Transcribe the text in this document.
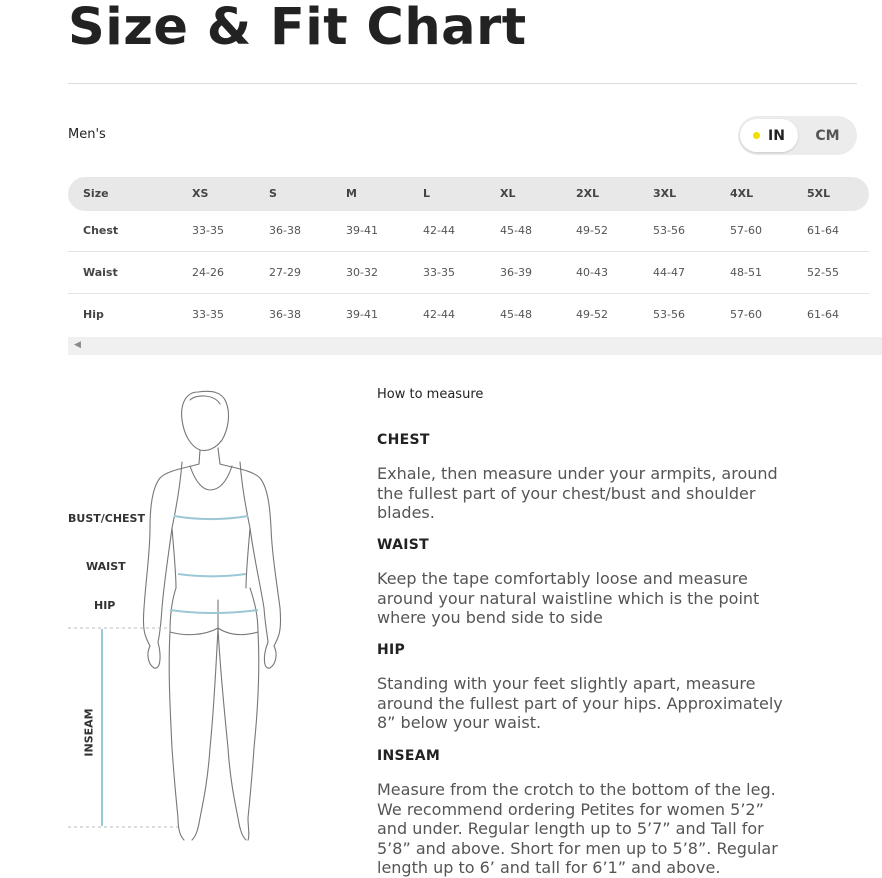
Size & Fit Chart
Men's	IN CM
Size	XS	S	M	L	XL	2XL	3XL	4XL	5XL
Chest	33-35	36-38	39-41	42-44	45-48	49-52	53-56	57-60	61-64
Waist	24-26	27-29	30-32	33-35	36-39	40-43	44-47	48-51	52-55
Hip	33-35	36-38	39-41	42-44	45-48	49-52	53-56	57-60	61-64
◀
BUST/CHEST
WAIST
HIP
INSEAM
How to measure
CHEST
Exhale, then measure under your armpits, around the fullest part of your chest/bust and shoulder blades.
WAIST
Keep the tape comfortably loose and measure around your natural waistline which is the point where you bend side to side
HIP
Standing with your feet slightly apart, measure around the fullest part of your hips. Approximately 8” below your waist.
INSEAM
Measure from the crotch to the bottom of the leg. We recommend ordering Petites for women 5’2” and under. Regular length up to 5’7” and Tall for 5’8” and above. Short for men up to 5’8”. Regular length up to 6’ and tall for 6’1” and above.
